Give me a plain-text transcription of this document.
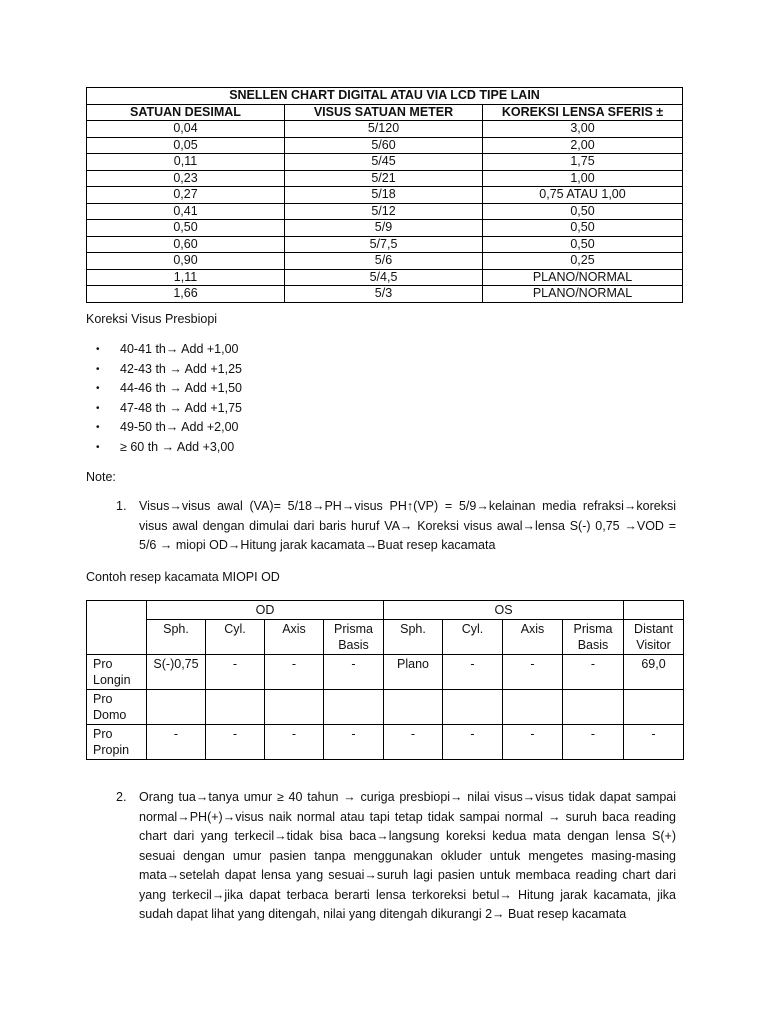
SNELLEN CHART DIGITAL ATAU VIA LCD TIPE LAIN		
SATUAN DESIMAL	VISUS SATUAN METER	KOREKSI LENSA SFERIS ±
0,04	5/120	3,00
0,05	5/60	2,00
0,11	5/45	1,75
0,23	5/21	1,00
0,27	5/18	0,75 ATAU 1,00
0,41	5/12	0,50
0,50	5/9	0,50
0,60	5/7,5	0,50
0,90	5/6	0,25
1,11	5/4,5	PLANO/NORMAL
1,66	5/3	PLANO/NORMAL
Koreksi Visus Presbiopi
• 40-41 th→ Add +1,00
• 42-43 th → Add +1,25
• 44-46 th → Add +1,50
• 47-48 th → Add +1,75
• 49-50 th→ Add +2,00
• ≥ 60 th → Add +3,00
Note:
1. Visus→visus awal (VA)= 5/18→PH→visus PH↑(VP) = 5/9→kelainan media refraksi→koreksi visus awal dengan dimulai dari baris huruf VA→ Koreksi visus awal→lensa S(-) 0,75 →VOD = 5/6 → miopi OD→Hitung jarak kacamata→Buat resep kacamata
Contoh resep kacamata MIOPI OD
	OD				OS				
	Sph.	Cyl.	Axis	Prisma Basis	Sph.	Cyl.	Axis	Prisma Basis	Distant Visitor
Pro Longin	S(-)0,75	-	-	-	Plano	-	-	-	69,0
Pro Domo									
Pro Propin	-	-	-	-	-	-	-	-	-
2. Orang tua→tanya umur ≥ 40 tahun → curiga presbiopi→ nilai visus→visus tidak dapat sampai normal→PH(+)→visus naik normal atau tapi tetap tidak sampai normal → suruh baca reading chart dari yang terkecil→tidak bisa baca→langsung koreksi kedua mata dengan lensa S(+) sesuai dengan umur pasien tanpa menggunakan okluder untuk mengetes masing-masing mata→setelah dapat lensa yang sesuai→suruh lagi pasien untuk membaca reading chart dari yang terkecil→jika dapat terbaca berarti lensa terkoreksi betul→ Hitung jarak kacamata, jika sudah dapat lihat yang ditengah, nilai yang ditengah dikurangi 2→ Buat resep kacamata
